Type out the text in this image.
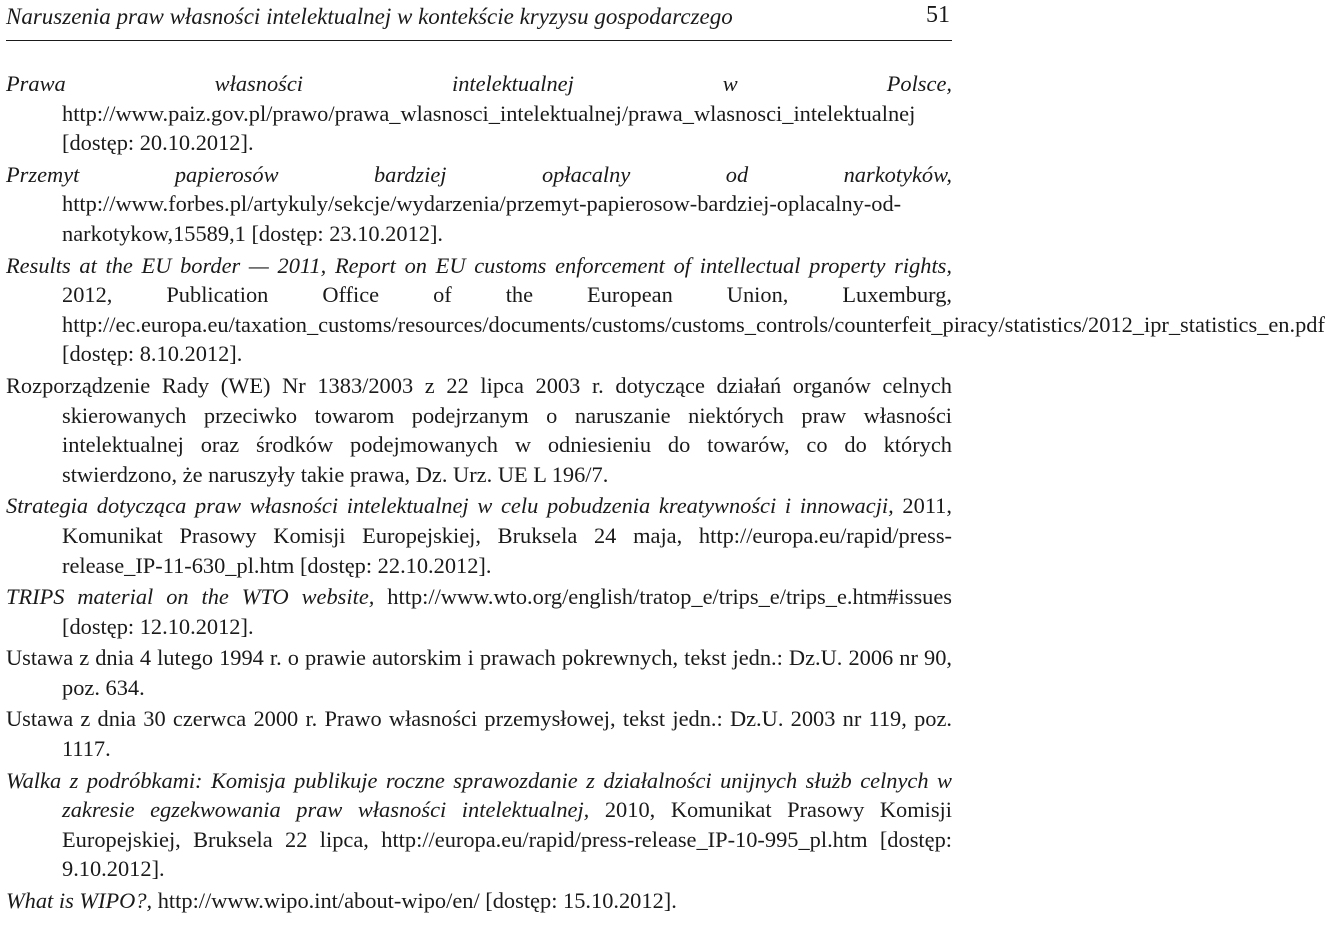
Naruszenia praw własności intelektualnej w kontekście kryzysu gospodarczego	51

Prawa własności intelektualnej w Polsce, http://www.paiz.gov.pl/prawo/prawa_wlasnosci_intelektualnej/prawa_wlasnosci_intelektualnej [dostęp: 20.10.2012].

Przemyt papierosów bardziej opłacalny od narkotyków, http://www.forbes.pl/artykuly/sekcje/wydarzenia/przemyt-papierosow-bardziej-oplacalny-od-narkotykow,15589,1 [dostęp: 23.10.2012].

Results at the EU border — 2011, Report on EU customs enforcement of intellectual property rights, 2012, Publication Office of the European Union, Luxemburg, http://ec.europa.eu/taxation_customs/resources/documents/customs/customs_controls/counterfeit_piracy/statistics/2012_ipr_statistics_en.pdf [dostęp: 8.10.2012].

Rozporządzenie Rady (WE) Nr 1383/2003 z 22 lipca 2003 r. dotyczące działań organów celnych skierowanych przeciwko towarom podejrzanym o naruszanie niektórych praw własności intelektualnej oraz środków podejmowanych w odniesieniu do towarów, co do których stwierdzono, że naruszyły takie prawa, Dz. Urz. UE L 196/7.

Strategia dotycząca praw własności intelektualnej w celu pobudzenia kreatywności i innowacji, 2011, Komunikat Prasowy Komisji Europejskiej, Bruksela 24 maja, http://europa.eu/rapid/press-release_IP-11-630_pl.htm [dostęp: 22.10.2012].

TRIPS material on the WTO website, http://www.wto.org/english/tratop_e/trips_e/trips_e.htm#issues [dostęp: 12.10.2012].

Ustawa z dnia 4 lutego 1994 r. o prawie autorskim i prawach pokrewnych, tekst jedn.: Dz.U. 2006 nr 90, poz. 634.

Ustawa z dnia 30 czerwca 2000 r. Prawo własności przemysłowej, tekst jedn.: Dz.U. 2003 nr 119, poz. 1117.

Walka z podróbkami: Komisja publikuje roczne sprawozdanie z działalności unijnych służb celnych w zakresie egzekwowania praw własności intelektualnej, 2010, Komunikat Prasowy Komisji Europejskiej, Bruksela 22 lipca, http://europa.eu/rapid/press-release_IP-10-995_pl.htm [dostęp: 9.10.2012].

What is WIPO?, http://www.wipo.int/about-wipo/en/ [dostęp: 15.10.2012].
